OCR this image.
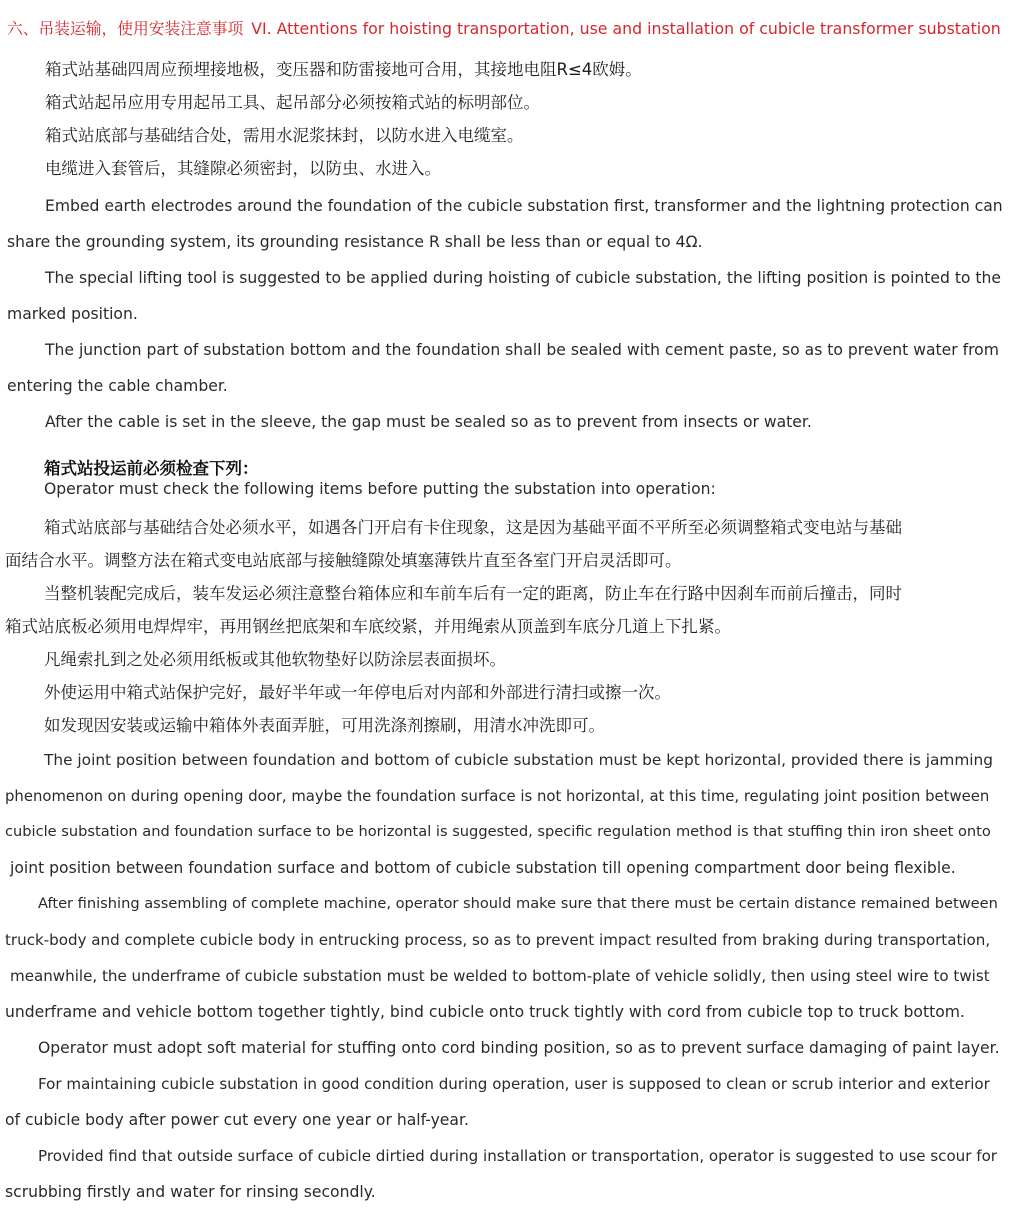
六、吊装运输，使用安装注意事项 VI. Attentions for hoisting transportation, use and installation of cubicle transformer substation

箱式站基础四周应预埋接地极，变压器和防雷接地可合用，其接地电阻R≤4欧姆。

箱式站起吊应用专用起吊工具、起吊部分必须按箱式站的标明部位。

箱式站底部与基础结合处，需用水泥浆抹封，以防水进入电缆室。

电缆进入套管后，其缝隙必须密封，以防虫、水进入。

Embed earth electrodes around the foundation of the cubicle substation first, transformer and the lightning protection can

share the grounding system, its grounding resistance R shall be less than or equal to 4Ω.

The special lifting tool is suggested to be applied during hoisting of cubicle substation, the lifting position is pointed to the

marked position.

The junction part of substation bottom and the foundation shall be sealed with cement paste, so as to prevent water from

entering the cable chamber.

After the cable is set in the sleeve, the gap must be sealed so as to prevent from insects or water.

箱式站投运前必须检查下列：

Operator must check the following items before putting the substation into operation:

箱式站底部与基础结合处必须水平，如遇各门开启有卡住现象，这是因为基础平面不平所至必须调整箱式变电站与基础

面结合水平。调整方法在箱式变电站底部与接触缝隙处填塞薄铁片直至各室门开启灵活即可。

当整机装配完成后，装车发运必须注意整台箱体应和车前车后有一定的距离，防止车在行路中因刹车而前后撞击，同时

箱式站底板必须用电焊焊牢，再用钢丝把底架和车底绞紧，并用绳索从顶盖到车底分几道上下扎紧。

凡绳索扎到之处必须用纸板或其他软物垫好以防涂层表面损坏。

外使运用中箱式站保护完好，最好半年或一年停电后对内部和外部进行清扫或擦一次。

如发现因安装或运输中箱体外表面弄脏，可用洗涤剂擦刷，用清水冲洗即可。

The joint position between foundation and bottom of cubicle substation must be kept horizontal, provided there is jamming

phenomenon on during opening door, maybe the foundation surface is not horizontal, at this time, regulating joint position between

cubicle substation and foundation surface to be horizontal is suggested, specific regulation method is that stuffing thin iron sheet onto

joint position between foundation surface and bottom of cubicle substation till opening compartment door being flexible.

After finishing assembling of complete machine, operator should make sure that there must be certain distance remained between

truck-body and complete cubicle body in entrucking process, so as to prevent impact resulted from braking during transportation,

meanwhile, the underframe of cubicle substation must be welded to bottom-plate of vehicle solidly, then using steel wire to twist

underframe and vehicle bottom together tightly, bind cubicle onto truck tightly with cord from cubicle top to truck bottom.

Operator must adopt soft material for stuffing onto cord binding position, so as to prevent surface damaging of paint layer.

For maintaining cubicle substation in good condition during operation, user is supposed to clean or scrub interior and exterior

of cubicle body after power cut every one year or half-year.

Provided find that outside surface of cubicle dirtied during installation or transportation, operator is suggested to use scour for

scrubbing firstly and water for rinsing secondly.
